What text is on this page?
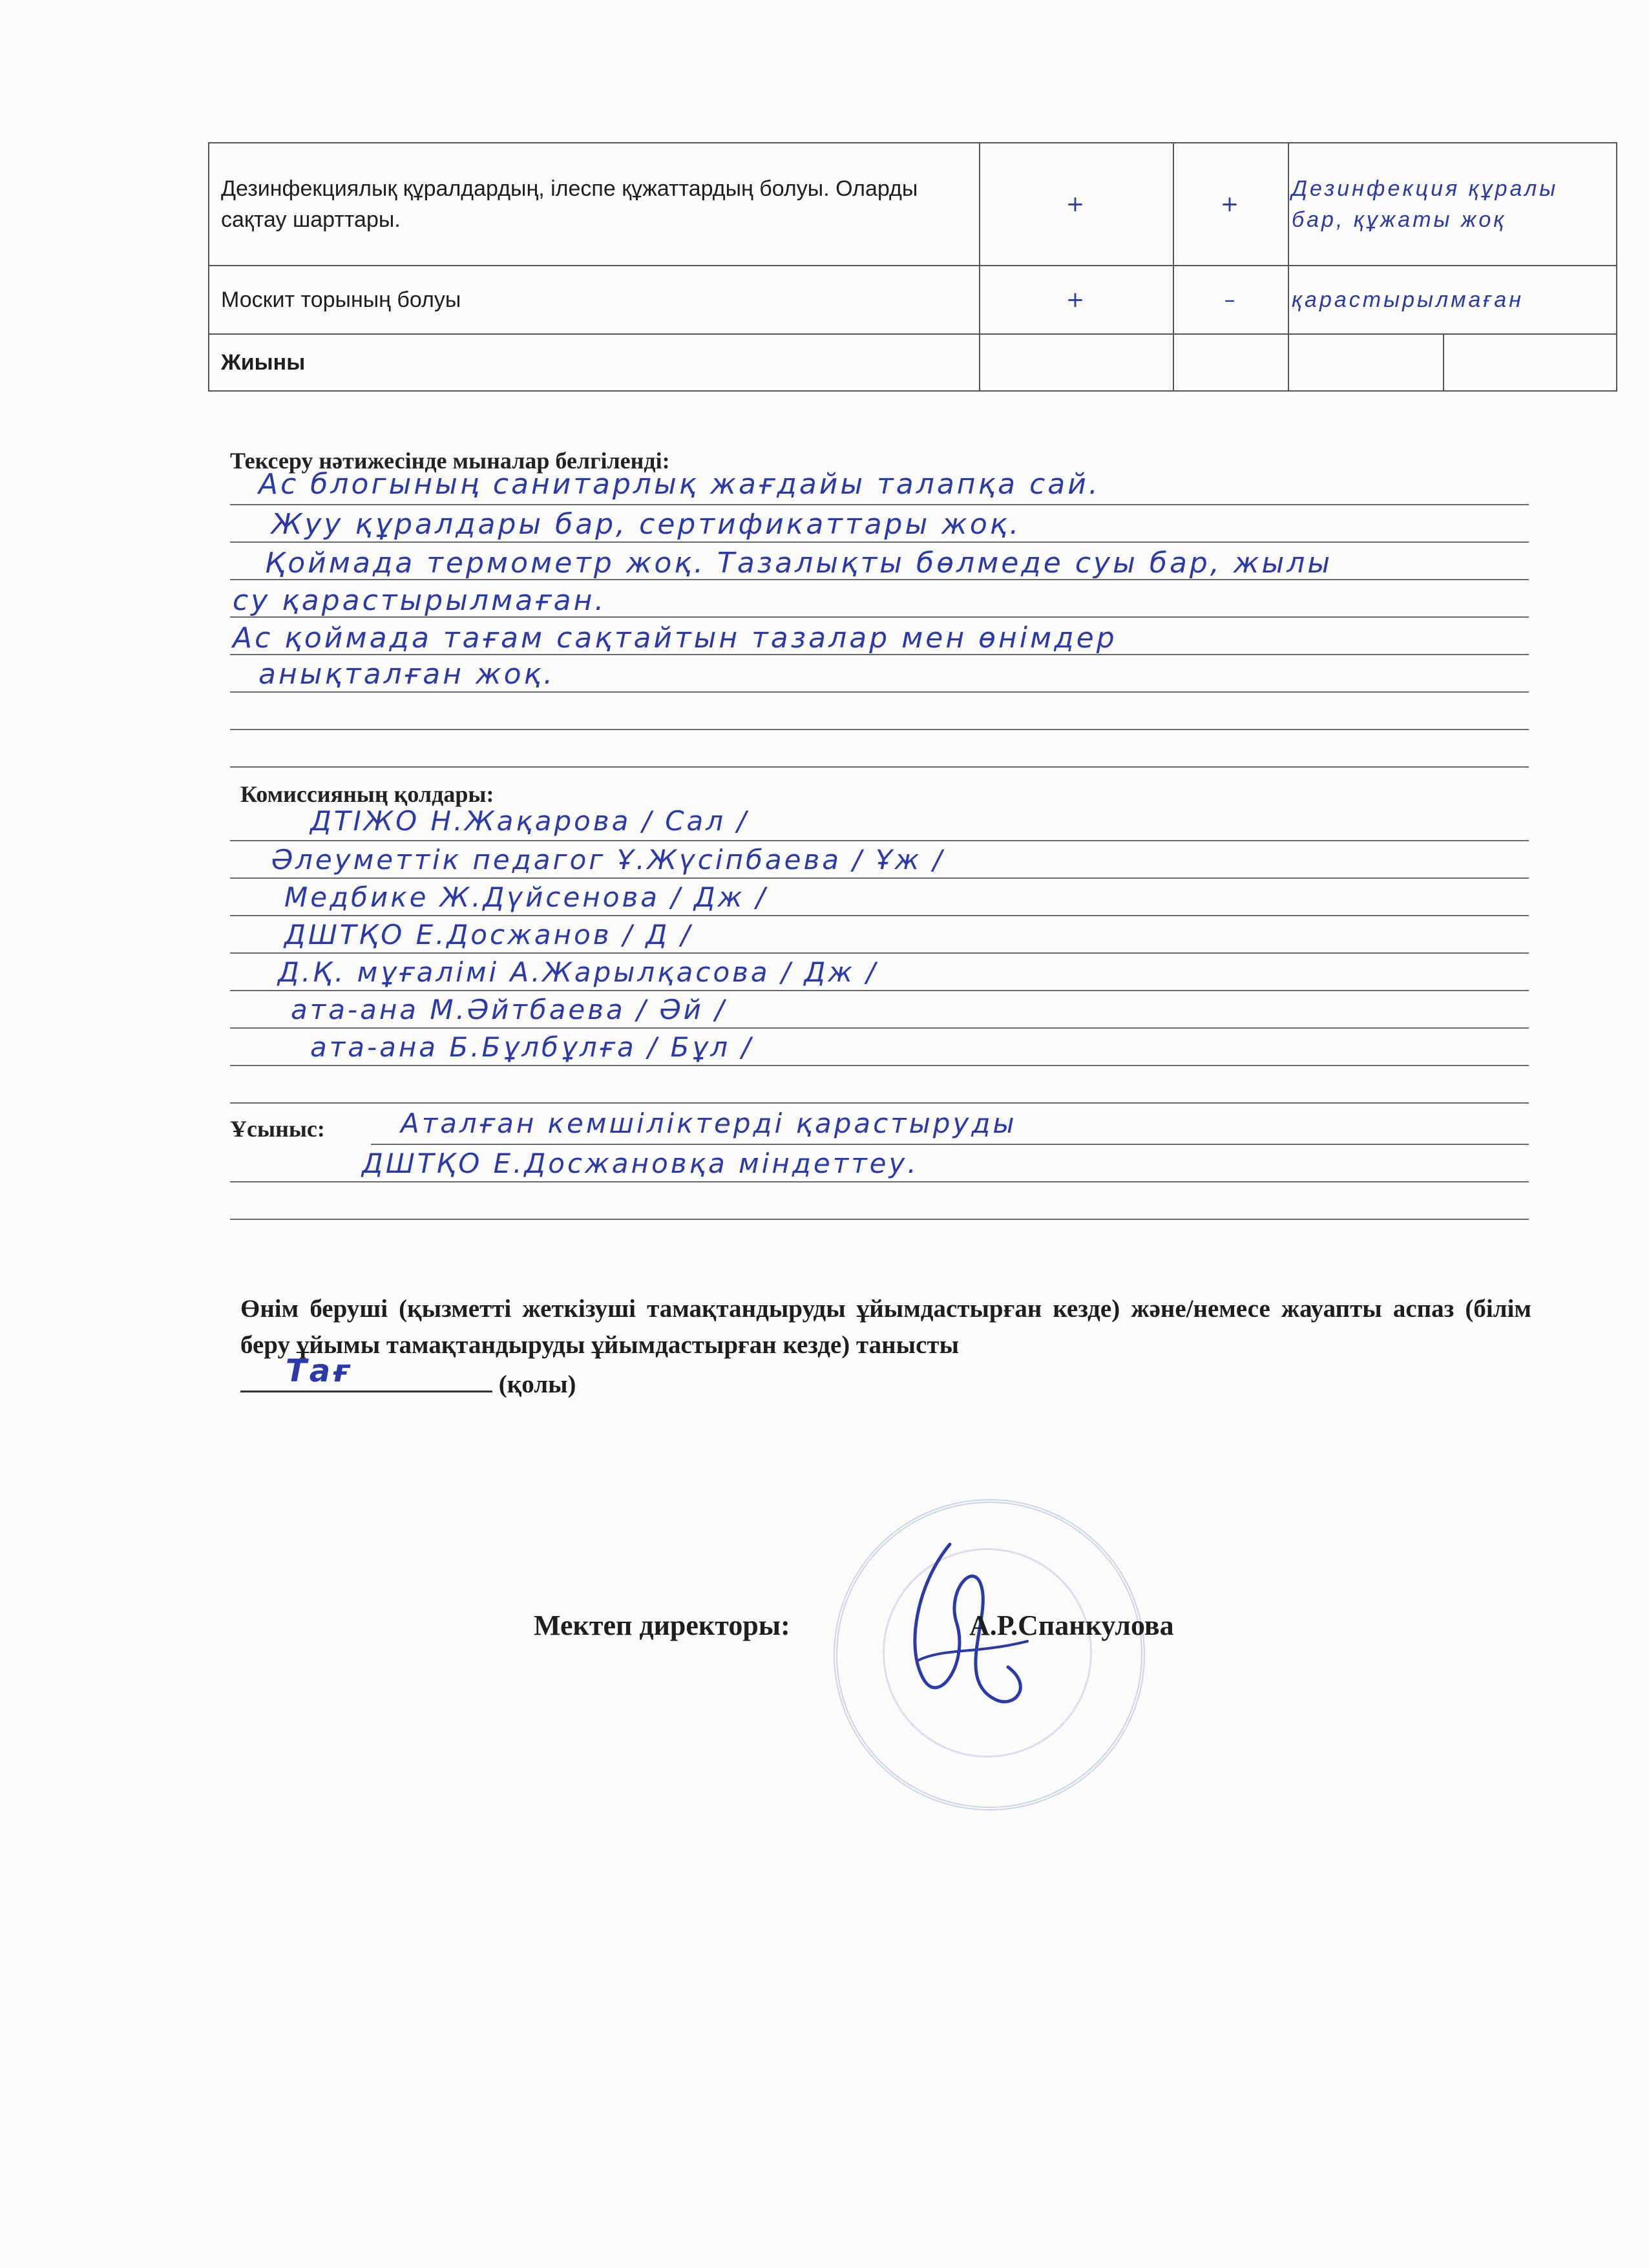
Дезинфекциялық құралдардың, ілеспе құжаттардың болуы. Оларды сақтау шарттары.	+	+	Дезинфекция құралы бар, құжаты жоқ	
Москит торының болуы	+	–	қарастырылмаған	
Жиыны				
Тексеру нәтижесінде мыналар белгіленді:
Ас блогының санитарлық жағдайы талапқа сай.
Жуу құралдары бар, сертификаттары жоқ.
Қоймада термометр жоқ. Тазалықты бөлмеде суы бар, жылы
су қарастырылмаған.
Ас қоймада тағам сақтайтын тазалар мен өнімдер
анықталған жоқ.
Комиссияның қолдары:
ДТІЖО Н.Жақарова / Сал /
Әлеуметтік педагог Ұ.Жүсіпбаева / Ұж /
Медбике Ж.Дүйсенова / Дж /
ДШТҚО Е.Досжанов / Д /
Д.Қ. мұғалімі А.Жарылқасова / Дж /
ата-ана М.Әйтбаева / Әй /
ата-ана Б.Бұлбұлға / Бұл /
Ұсыныс:	Аталған кемшіліктерді қарастыруды
ДШТҚО Е.Досжановқа міндеттеу.
Өнім беруші (қызметті жеткізуші тамақтандыруды ұйымдастырған кезде) және/немесе жауапты аспаз (білім беру ұйымы тамақтандыруды ұйымдастырған кезде) танысты
Тағ	(қолы)
Мектеп директоры:	А.Р.Спанкулова
